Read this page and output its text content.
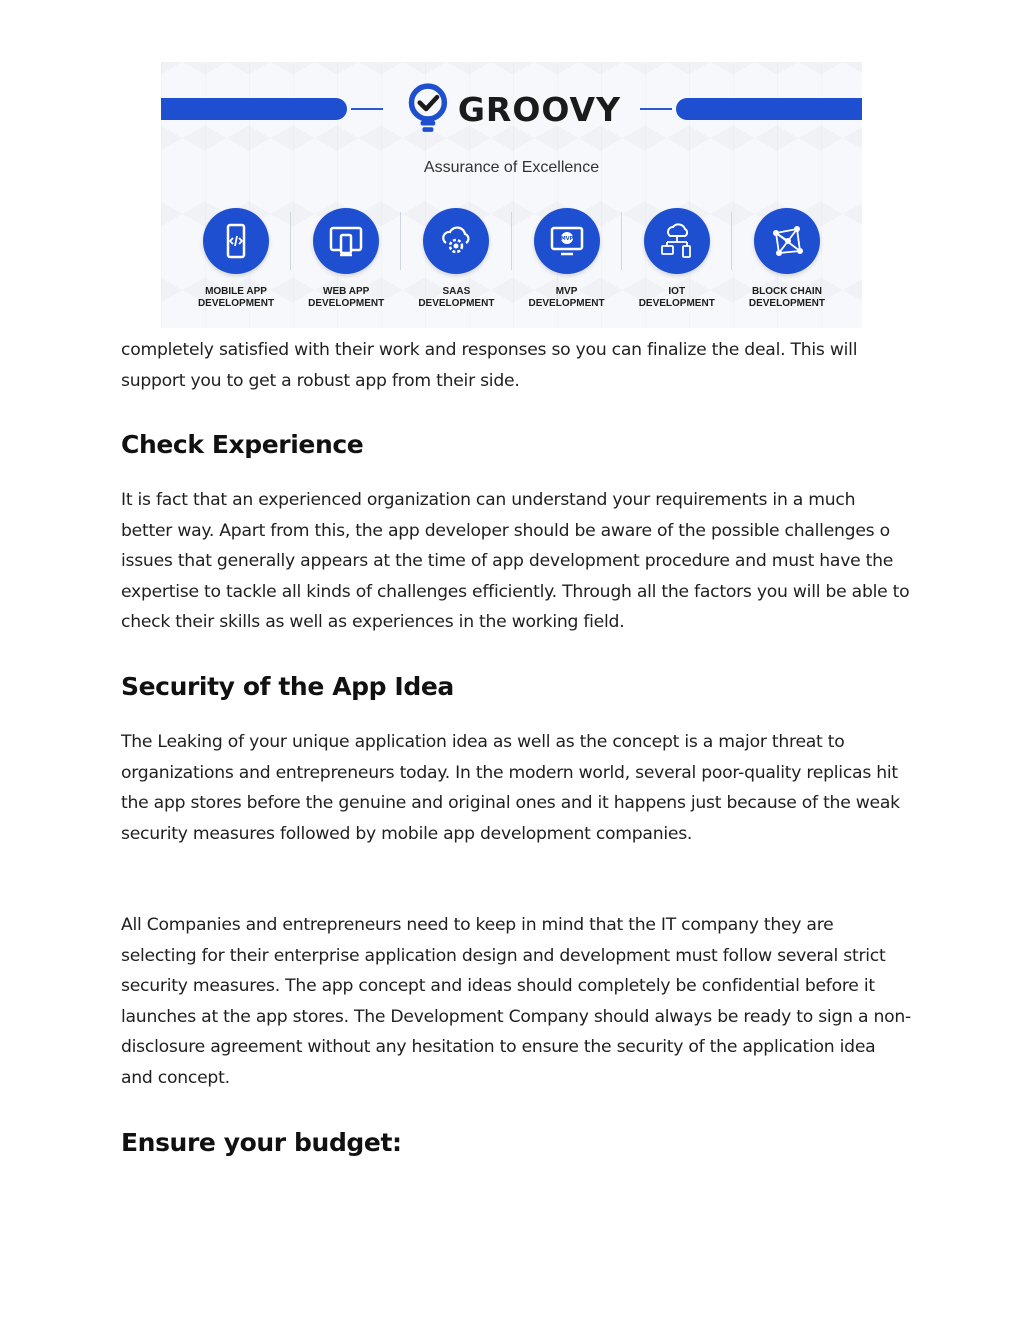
GROOVY
Assurance of Excellence
MOBILE APP
DEVELOPMENT
WEB APP
DEVELOPMENT
SAAS
DEVELOPMENT
MVP
MVP
DEVELOPMENT
IOT
DEVELOPMENT
BLOCK CHAIN
DEVELOPMENT

completely satisfied with their work and responses so you can finalize the deal. This will support you to get a robust app from their side.

Check Experience

It is fact that an experienced organization can understand your requirements in a much better way. Apart from this, the app developer should be aware of the possible challenges o issues that generally appears at the time of app development procedure and must have the expertise to tackle all kinds of challenges efficiently. Through all the factors you will be able to check their skills as well as experiences in the working field.

Security of the App Idea

The Leaking of your unique application idea as well as the concept is a major threat to organizations and entrepreneurs today. In the modern world, several poor-quality replicas hit the app stores before the genuine and original ones and it happens just because of the weak security measures followed by mobile app development companies.

All Companies and entrepreneurs need to keep in mind that the IT company they are selecting for their enterprise application design and development must follow several strict security measures. The app concept and ideas should completely be confidential before it launches at the app stores. The Development Company should always be ready to sign a non-disclosure agreement without any hesitation to ensure the security of the application idea and concept.

Ensure your budget:
